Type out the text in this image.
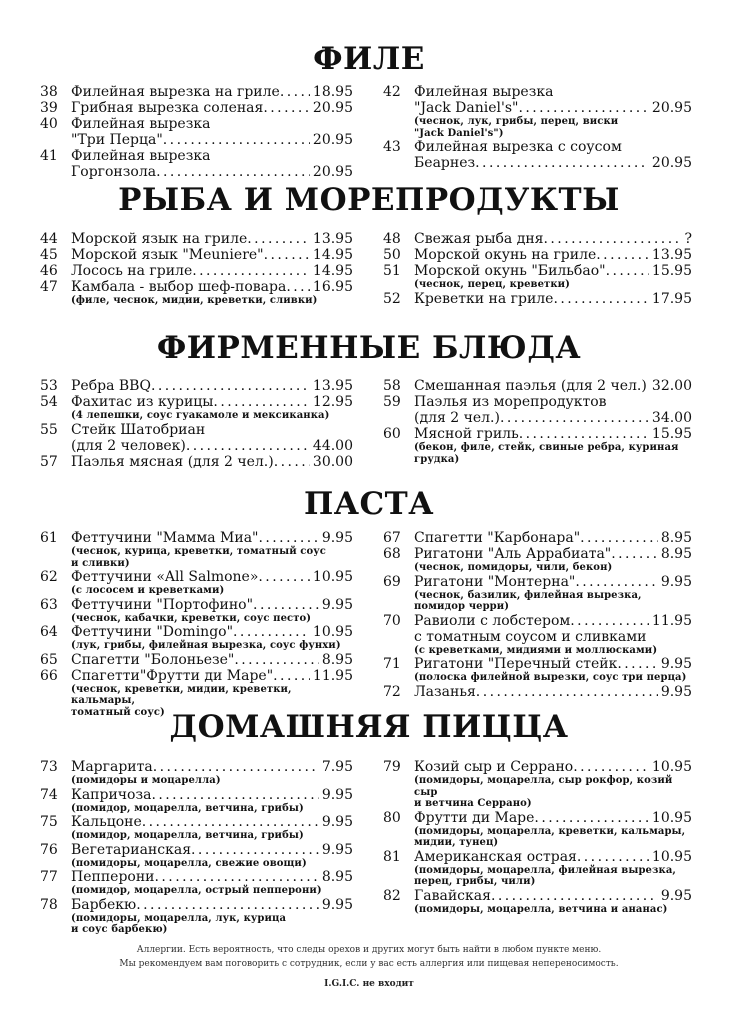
ФИЛЕ
38 Филейная вырезка на гриле . . . 18.95
39 Грибная вырезка соленая . . .	20.95
40 Филейная вырезка
"Три Перца" . . .	20.95
41 Филейная вырезка
Горгонзола . . .	20.95
42 Филейная вырезка
"Jack Daniel's" . . .	20.95
(чеснок, лук, грибы, перец, виски
"Jack Daniel's")
43 Филейная вырезка с соусом
Беарнез . . .	20.95
РЫБА И МОРЕПРОДУКТЫ
44 Морской язык на гриле . . .	13.95
45 Морской язык "Meuniere" . . .	14.95
46 Лосось на гриле . . .	14.95
47 Камбала - выбор шеф-повара . . . 16.95
(филе, чеснок, мидии, креветки, сливки)
48 Свежая рыба дня . . .	?
50 Морской окунь на гриле . . .	13.95
51 Морской окунь "Бильбао" . . .	15.95
(чеснок, перец, креветки)
52 Креветки на гриле . . .	17.95
ФИРМЕННЫЕ БЛЮДА
53 Ребра BBQ . . .	13.95
54 Фахитас из курицы . . .	12.95
(4 лепешки, соус гуакамоле и мексиканка)
55 Стейк Шатобриан
(для 2 человек) . . .	44.00
57 Паэлья мясная (для 2 чел.) . . .	30.00
58 Смешанная паэлья (для 2 чел.) 32.00
59 Паэлья из морепродуктов
(для 2 чел.) . . .	34.00
60 Мясной гриль . . .	15.95
(бекон, филе, стейк, свиные ребра, куриная
грудка)
ПАСТА
61 Феттучини "Мамма Миа" . . .	9.95
(чеснок, курица, креветки, томатный соус
и сливки)
62 Феттучини «All Salmone» . . .	10.95
(с лососем и креветками)
63 Феттучини "Портофино" . . .	9.95
(чеснок, кабачки, креветки, соус песто)
64 Феттучини "Domingo" . . .	10.95
(лук, грибы, филейная вырезка, соус фунхи)
65 Спагетти "Болоньезе" . . .	8.95
66 Спагетти"Фрутти ди Маре" . . .	11.95
(чеснок, креветки, мидии, креветки, кальмары,
томатный соус)
67 Спагетти "Карбонара" . . .	8.95
68 Ригатони "Аль Аррабиата" . . .	8.95
(чеснок, помидоры, чили, бекон)
69 Ригатони "Монтерна" . . .	9.95
(чеснок, базилик, филейная вырезка,
помидор черри)
70 Равиоли с лобстером . . .	11.95
с томатным соусом и сливками
(с креветками, мидиями и моллюсками)
71 Ригатони "Перечный стейк . . .	9.95
(полоска филейной вырезки, соус три перца)
72 Лазанья . . .	9.95
ДОМАШНЯЯ ПИЦЦА
73 Маргарита . . .	7.95
(помидоры и моцарелла)
74 Капричоза . . .	9.95
(помидор, моцарелла, ветчина, грибы)
75 Кальцоне . . .	9.95
(помидор, моцарелла, ветчина, грибы)
76 Вегетарианская . . .	9.95
(помидоры, моцарелла, свежие овощи)
77 Пепперони . . .	8.95
(помидор, моцарелла, острый пепперони)
78 Барбекю . . .	9.95
(помидоры, моцарелла, лук, курица
и соус барбекю)
79 Козий сыр и Серрано . . .	10.95
(помидоры, моцарелла, сыр рокфор, козий сыр
и ветчина Серрано)
80 Фрутти ди Маре . . .	10.95
(помидоры, моцарелла, креветки, кальмары,
мидии, тунец)
81 Американская острая . . .	10.95
(помидоры, моцарелла, филейная вырезка,
перец, грибы, чили)
82 Гавайская . . .	9.95
(помидоры, моцарелла, ветчина и ананас)
Аллергии. Есть вероятность, что следы орехов и других могут быть найти в любом пункте меню.
Мы рекомендуем вам поговорить с сотрудник, если у вас есть аллергия или пищевая непереносимость.
I.G.I.C. не входит
